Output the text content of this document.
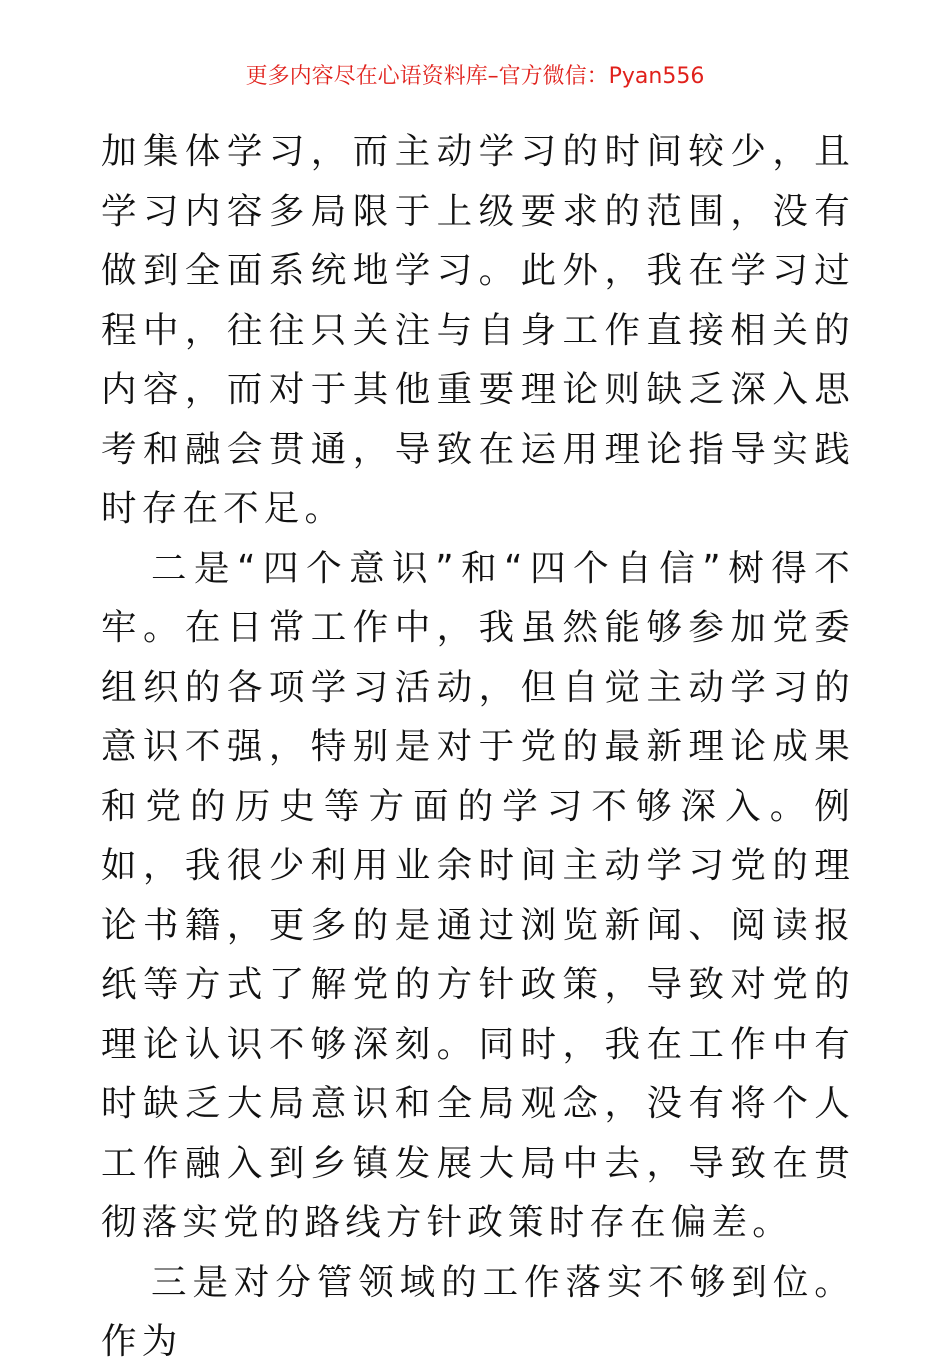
更多内容尽在心语资料库–官方微信：Pyan556

加集体学习，而主动学习的时间较少，且学习内容多局限于上级要求的范围，没有做到全面系统地学习。此外，我在学习过程中，往往只关注与自身工作直接相关的内容，而对于其他重要理论则缺乏深入思考和融会贯通，导致在运用理论指导实践时存在不足。

二是“四个意识”和“四个自信”树得不牢。在日常工作中，我虽然能够参加党委组织的各项学习活动，但自觉主动学习的意识不强，特别是对于党的最新理论成果和党的历史等方面的学习不够深入。例如，我很少利用业余时间主动学习党的理论书籍，更多的是通过浏览新闻、阅读报纸等方式了解党的方针政策，导致对党的理论认识不够深刻。同时，我在工作中有时缺乏大局意识和全局观念，没有将个人工作融入到乡镇发展大局中去，导致在贯彻落实党的路线方针政策时存在偏差。

三是对分管领域的工作落实不够到位。作为
